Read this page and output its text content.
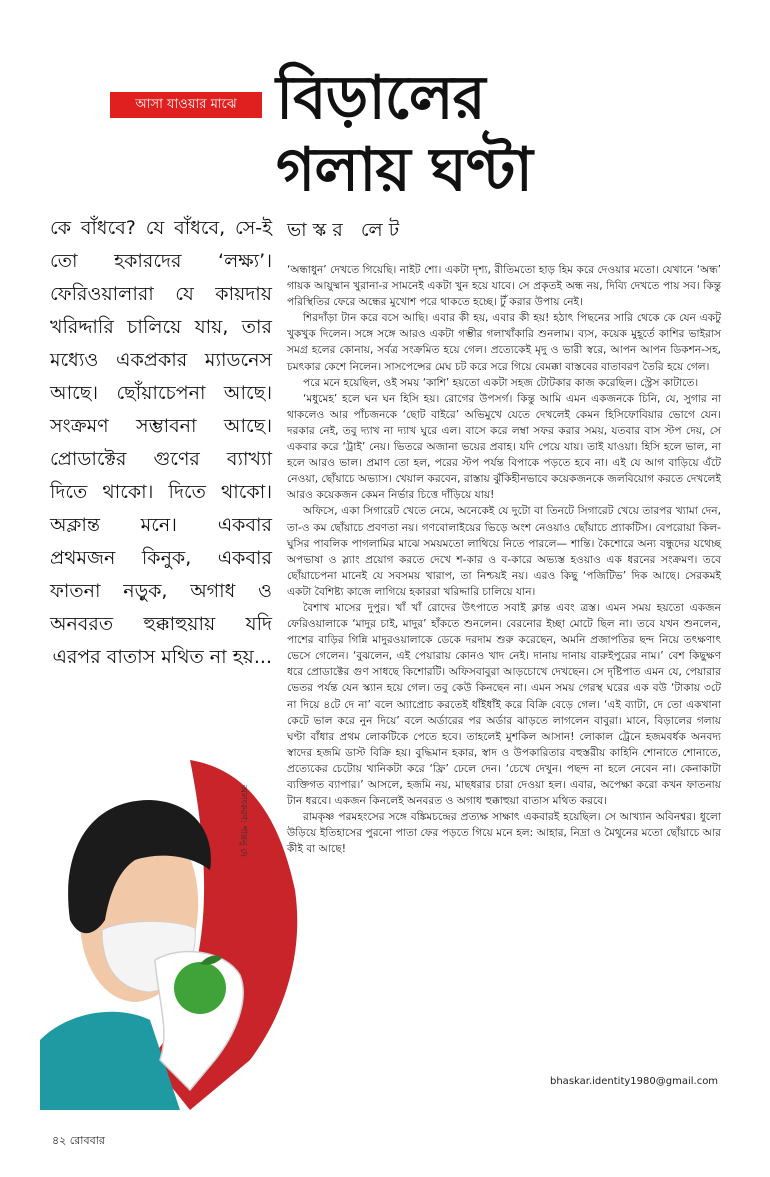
আসা যাওয়ার মাঝে বিড়ালের
গলায় ঘণ্টা
কে বাঁধবে? যে বাঁধবে, সে-ই তো হকারদের ‘লক্ষ্য’। ফেরিওয়ালারা যে কায়দায় খরিদ্দারি চালিয়ে যায়, তার মধ্যেও একপ্রকার ম্যাডনেস আছে। ছোঁয়াচেপনা আছে। সংক্রমণ সম্ভাবনা আছে। প্রোডাক্টের গুণের ব্যাখ্যা দিতে থাকো। দিতে থাকো। অক্লান্ত মনে। একবার প্রথমজন কিনুক, একবার ফাতনা নড়ুক, অগাধ ও অনবরত হুক্কাহুয়ায় যদি এরপর বাতাস মথিত না হয়...
ভাস্কর লেট

‘অন্ধাধুন’ দেখতে গিয়েছি। নাইট শো। একটা দৃশ্য, রীতিমতো হাড় হিম করে দেওয়ার মতো। যেখানে ‘অন্ধ’ গায়ক আয়ুষ্মান খুরানা-র সামনেই একটা খুন হয়ে যাবে। সে প্রকৃতই অন্ধ নয়, দিব্যি দেখতে পায় সব। কিন্তু পরিস্থিতির ফেরে অন্ধের মুখোশ পরে থাকতে হচ্ছে। টুঁ করার উপায় নেই।

শিরদাঁড়া টান করে বসে আছি। এবার কী হয়, এবার কী হয়! হঠাৎ পিছনের সারি থেকে কে যেন একটু খুকখুক দিলেন। সঙ্গে সঙ্গে আরও একটা গম্ভীর গলাখাঁকারি শুনলাম। ব্যস, কয়েক মুহূর্তে কাশির ভাইরাস সমগ্র হলের কোনায়, সর্বত্র সংক্রমিত হয়ে গেল। প্রত্যেকেই মৃদু ও ভারী স্বরে, আপন আপন ডিকশন-সহ, চমৎকার কেশে নিলেন। সাসপেন্সের মেঘ চট করে সরে গিয়ে বেমক্কা বাস্তবের বাতাবরণ তৈরি হয়ে গেল।

পরে মনে হয়েছিল, ওই সময় ‘কাশি’ হয়তো একটা সহজ টোটকার কাজ করেছিল। স্ট্রেস কাটাতে।

‘মধুমেহ’ হলে ঘন ঘন হিসি হয়। রোগের উপসর্গ। কিন্তু আমি এমন একজনকে চিনি, যে, সুগার না থাকলেও আর পাঁচজনকে ‘ছোট বাইরে’ অভিমুখে যেতে দেখলেই কেমন হিসিফোবিয়ার ভোগে যেন। দরকার নেই, তবু দ্যাখ না দ্যাখ ঘুরে এল। বাসে করে লম্বা সফর করার সময়, যতবার বাস স্টপ দেয়, সে একবার করে ‘ট্রাই’ নেয়। ভিতরে অজানা ভয়ের প্রবাহ। যদি পেয়ে যায়। তাই যাওয়া। হিসি হলে ভাল, না হলে আরও ভাল। প্রমাণ তো হল, পরের স্টপ পর্যন্ত বিপাকে পড়তে হবে না। এই যে আগ বাড়িয়ে এঁটে নেওয়া, ছোঁয়াচে অভ্যাস। খেয়াল করবেন, রাস্তায় ঝুঁকিহীনভাবে কয়েকজনকে জলবিয়োগ করতে দেখলেই আরও কয়েকজন কেমন নির্ভার চিত্তে দাঁড়িয়ে যায়!

অফিসে, একা সিগারেট খেতে নেমে, অনেকেই যে দুটো বা তিনটে সিগারেট খেয়ে তারপর খ্যামা দেন, তা-ও কম ছোঁয়াচে প্রবণতা নয়। গণবোলাইয়ের ভিড়ে অংশ নেওয়াও ছোঁয়াচে প্র্যাকটিস। বেপরোয়া কিল-ঘুসির পাবলিক পাগলামির মাঝে সময়মতো লাথিয়ে নিতে পারলে— শান্তি। কৈশোরে অন্য বন্ধুদের যথেচ্ছ অপভাষা ও স্ল্যাং প্রয়োগ করতে দেখে শ-কার ও ব-কারে অভ্যস্ত হওয়াও এক ধরনের সংক্রমণ। তবে ছোঁয়াচেপনা মানেই যে সবসময় খারাপ, তা নিশ্চয়ই নয়। এরও কিছু ‘পজিটিভ’ দিক আছে। সেরকমই একটা বৈশিষ্ট্য কাজে লাগিয়ে হকাররা খরিদ্দারি চালিয়ে যান।

বৈশাখ মাসের দুপুর। খাঁ খাঁ রোদের উৎপাতে সবাই ক্লান্ত এবং ত্রস্ত। এমন সময় হয়তো একজন ফেরিওয়ালাকে ‘মাদুর চাই, মাদুর’ হাঁকতে শুনলেন। বেরনোর ইচ্ছা মোটে ছিল না। তবে যখন শুনলেন, পাশের বাড়ির গিন্নি মাদুরওয়ালাকে ডেকে দরদাম শুরু করেছেন, অমনি প্রজাপতির ছন্দ নিয়ে তৎক্ষণাৎ ভেসে গেলেন। ‘বুঝলেন, এই পেয়ারায় কোনও খাদ নেই। দানায় দানায় বারুইপুরের নাম।’ বেশ কিছুক্ষণ ধরে প্রোডাক্টের গুণ সাধছে কিশোরটি। অফিসবাবুরা আড়চোখে দেখছেন। সে দৃষ্টিপাত এমন যে, পেয়ারার ভেতর পর্যন্ত যেন স্ক্যান হয়ে গেল। তবু কেউ কিনছেন না। এমন সময় গেরস্থ ঘরের এক বউ ‘টাকায় ৩টে না দিয়ে ৪টে দে না’ বলে অ্যাপ্রোচ করতেই ধাঁইধাঁই করে বিক্রি বেড়ে গেল। ‘এই ব্যাটা, দে তো একখানা কেটে ভাল করে নুন দিয়ে’ বলে অর্ডারের পর অর্ডার ঝাড়তে লাগলেন বাবুরা। মানে, বিড়ালের গলায় ঘণ্টা বাঁধার প্রথম লোকটিকে পেতে হবে। তাহলেই মুশকিল আসান! লোকাল ট্রেনে হজমবর্ধক অনবদ্য স্বাদের হজমি ডাস্ট বিক্রি হয়। বুদ্ধিমান হকার, স্বাদ ও উপকারিতার বহুস্তরীয় কাহিনি শোনাতে শোনাতে, প্রত্যেকের চেটোয় খানিকটা করে ‘ফ্রি’ ঢেলে দেন। ‘চেখে দেখুন। পছন্দ না হলে নেবেন না। কেনাকাটা ব্যক্তিগত ব্যাপার।’ আসলে, হজমি নয়, মাছধরার চারা দেওয়া হল। এবার, অপেক্ষা করো কখন ফাতনায় টান ধরবে। একজন কিনলেই অনবরত ও অগাধ হুক্কাহুয়া বাতাস মথিত করবে।

রামকৃষ্ণ পরমহংসের সঙ্গে বঙ্কিমচন্দ্রের প্রত্যক্ষ সাক্ষাৎ একবারই হয়েছিল। সে আখ্যান অবিনশ্বর। ধুলো উড়িয়ে ইতিহাসের পুরনো পাতা ফের পড়তে গিয়ে মনে হল: আহার, নিদ্রা ও মৈথুনের মতো ছোঁয়াচে আর কীই বা আছে!

অলংকরণ: শান্তনু দে
bhaskar.identity1980@gmail.com
৪২ রোববার
